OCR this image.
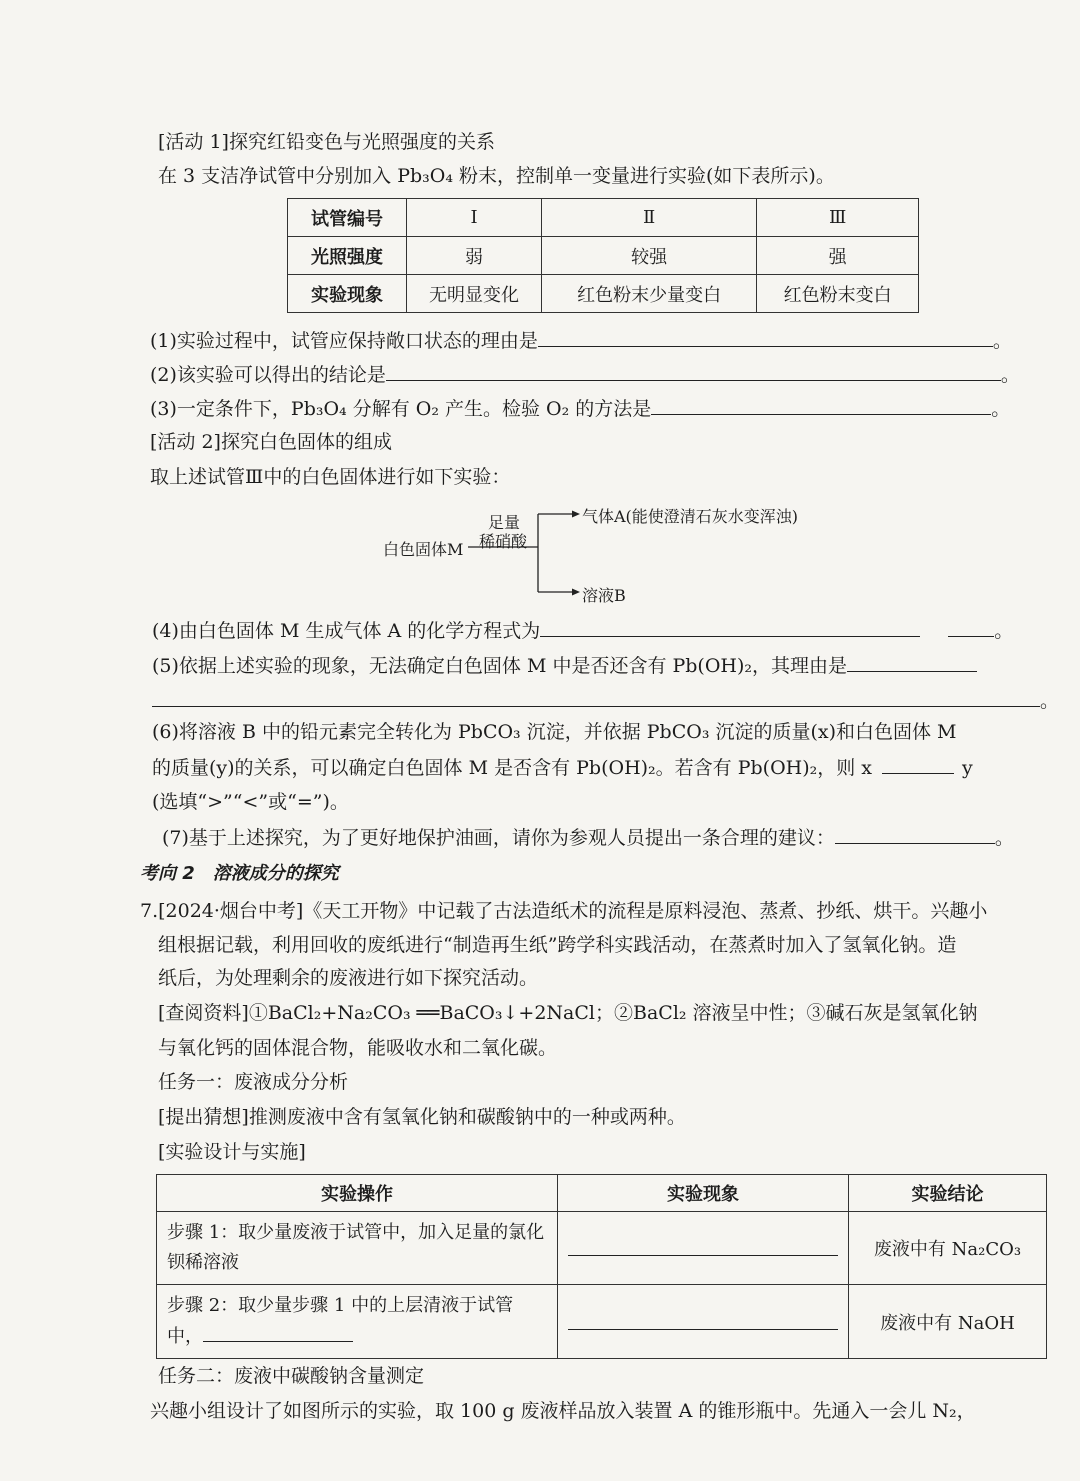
[活动 1]探究红铅变色与光照强度的关系
在 3 支洁净试管中分别加入 Pb₃O₄ 粉末，控制单一变量进行实验(如下表所示)。
试管编号	Ⅰ	Ⅱ	Ⅲ
光照强度	弱	较强	强
实验现象	无明显变化	红色粉末少量变白	红色粉末变白
(1)实验过程中，试管应保持敞口状态的理由是	。
(2)该实验可以得出的结论是	。
(3)一定条件下，Pb₃O₄ 分解有 O₂ 产生。检验 O₂ 的方法是	。
[活动 2]探究白色固体的组成
取上述试管Ⅲ中的白色固体进行如下实验：
白色固体M
足量
稀硝酸
气体A(能使澄清石灰水变浑浊)
溶液B
(4)由白色固体 M 生成气体 A 的化学方程式为	。
(5)依据上述实验的现象，无法确定白色固体 M 中是否还含有 Pb(OH)₂，其理由是
。
(6)将溶液 B 中的铅元素完全转化为 PbCO₃ 沉淀，并依据 PbCO₃ 沉淀的质量(x)和白色固体 M
的质量(y)的关系，可以确定白色固体 M 是否含有 Pb(OH)₂。若含有 Pb(OH)₂，则 x	y
(选填“>”“<”或“=”)。
(7)基于上述探究，为了更好地保护油画，请你为参观人员提出一条合理的建议：	。
考向 2 溶液成分的探究
7.[2024·烟台中考]《天工开物》中记载了古法造纸术的流程是原料浸泡、蒸煮、抄纸、烘干。兴趣小
组根据记载，利用回收的废纸进行“制造再生纸”跨学科实践活动，在蒸煮时加入了氢氧化钠。造
纸后，为处理剩余的废液进行如下探究活动。
[查阅资料]①BaCl₂+Na₂CO₃ ══BaCO₃↓+2NaCl；②BaCl₂ 溶液呈中性；③碱石灰是氢氧化钠
与氧化钙的固体混合物，能吸收水和二氧化碳。
任务一：废液成分分析
[提出猜想]推测废液中含有氢氧化钠和碳酸钠中的一种或两种。
[实验设计与实施]
实验操作	实验现象	实验结论

步骤 1：取少量废液于试管中，加入足量的氯化钡稀溶液		废液中有 Na₂CO₃

步骤 2：取少量步骤 1 中的上层清液于试管中，		废液中有 NaOH
任务二：废液中碳酸钠含量测定
兴趣小组设计了如图所示的实验，取 100 g 废液样品放入装置 A 的锥形瓶中。先通入一会儿 N₂，
